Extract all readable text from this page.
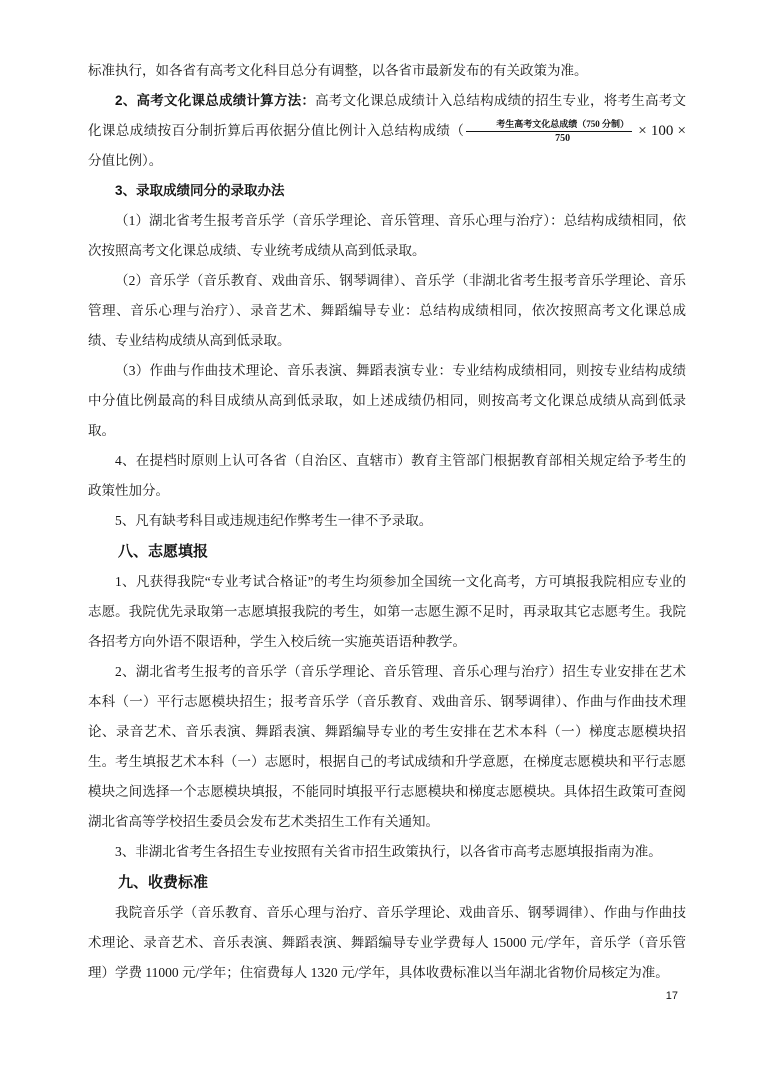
标准执行，如各省有高考文化科目总分有调整，以各省市最新发布的有关政策为准。

2、高考文化课总成绩计算方法：高考文化课总成绩计入总结构成绩的招生专业，将考生高考文化课总成绩按百分制折算后再依据分值比例计入总结构成绩（ $\frac{\text{考生高考文化总成绩（750 分制）}}{750} \times 100$ ×分值比例）。

3、录取成绩同分的录取办法

（1）湖北省考生报考音乐学（音乐学理论、音乐管理、音乐心理与治疗）：总结构成绩相同，依次按照高考文化课总成绩、专业统考成绩从高到低录取。

（2）音乐学（音乐教育、戏曲音乐、钢琴调律）、音乐学（非湖北省考生报考音乐学理论、音乐管理、音乐心理与治疗）、录音艺术、舞蹈编导专业：总结构成绩相同，依次按照高考文化课总成绩、专业结构成绩从高到低录取。

（3）作曲与作曲技术理论、音乐表演、舞蹈表演专业：专业结构成绩相同，则按专业结构成绩中分值比例最高的科目成绩从高到低录取，如上述成绩仍相同，则按高考文化课总成绩从高到低录取。

4、在提档时原则上认可各省（自治区、直辖市）教育主管部门根据教育部相关规定给予考生的政策性加分。

5、凡有缺考科目或违规违纪作弊考生一律不予录取。

八、志愿填报

1、凡获得我院“专业考试合格证”的考生均须参加全国统一文化高考，方可填报我院相应专业的志愿。我院优先录取第一志愿填报我院的考生，如第一志愿生源不足时，再录取其它志愿考生。我院各招考方向外语不限语种，学生入校后统一实施英语语种教学。

2、湖北省考生报考的音乐学（音乐学理论、音乐管理、音乐心理与治疗）招生专业安排在艺术本科（一）平行志愿模块招生；报考音乐学（音乐教育、戏曲音乐、钢琴调律）、作曲与作曲技术理论、录音艺术、音乐表演、舞蹈表演、舞蹈编导专业的考生安排在艺术本科（一）梯度志愿模块招生。考生填报艺术本科（一）志愿时，根据自己的考试成绩和升学意愿，在梯度志愿模块和平行志愿模块之间选择一个志愿模块填报，不能同时填报平行志愿模块和梯度志愿模块。具体招生政策可查阅湖北省高等学校招生委员会发布艺术类招生工作有关通知。

3、非湖北省考生各招生专业按照有关省市招生政策执行，以各省市高考志愿填报指南为准。

九、收费标准

我院音乐学（音乐教育、音乐心理与治疗、音乐学理论、戏曲音乐、钢琴调律）、作曲与作曲技术理论、录音艺术、音乐表演、舞蹈表演、舞蹈编导专业学费每人 15000 元/学年，音乐学（音乐管理）学费 11000 元/学年；住宿费每人 1320 元/学年，具体收费标准以当年湖北省物价局核定为准。

17
